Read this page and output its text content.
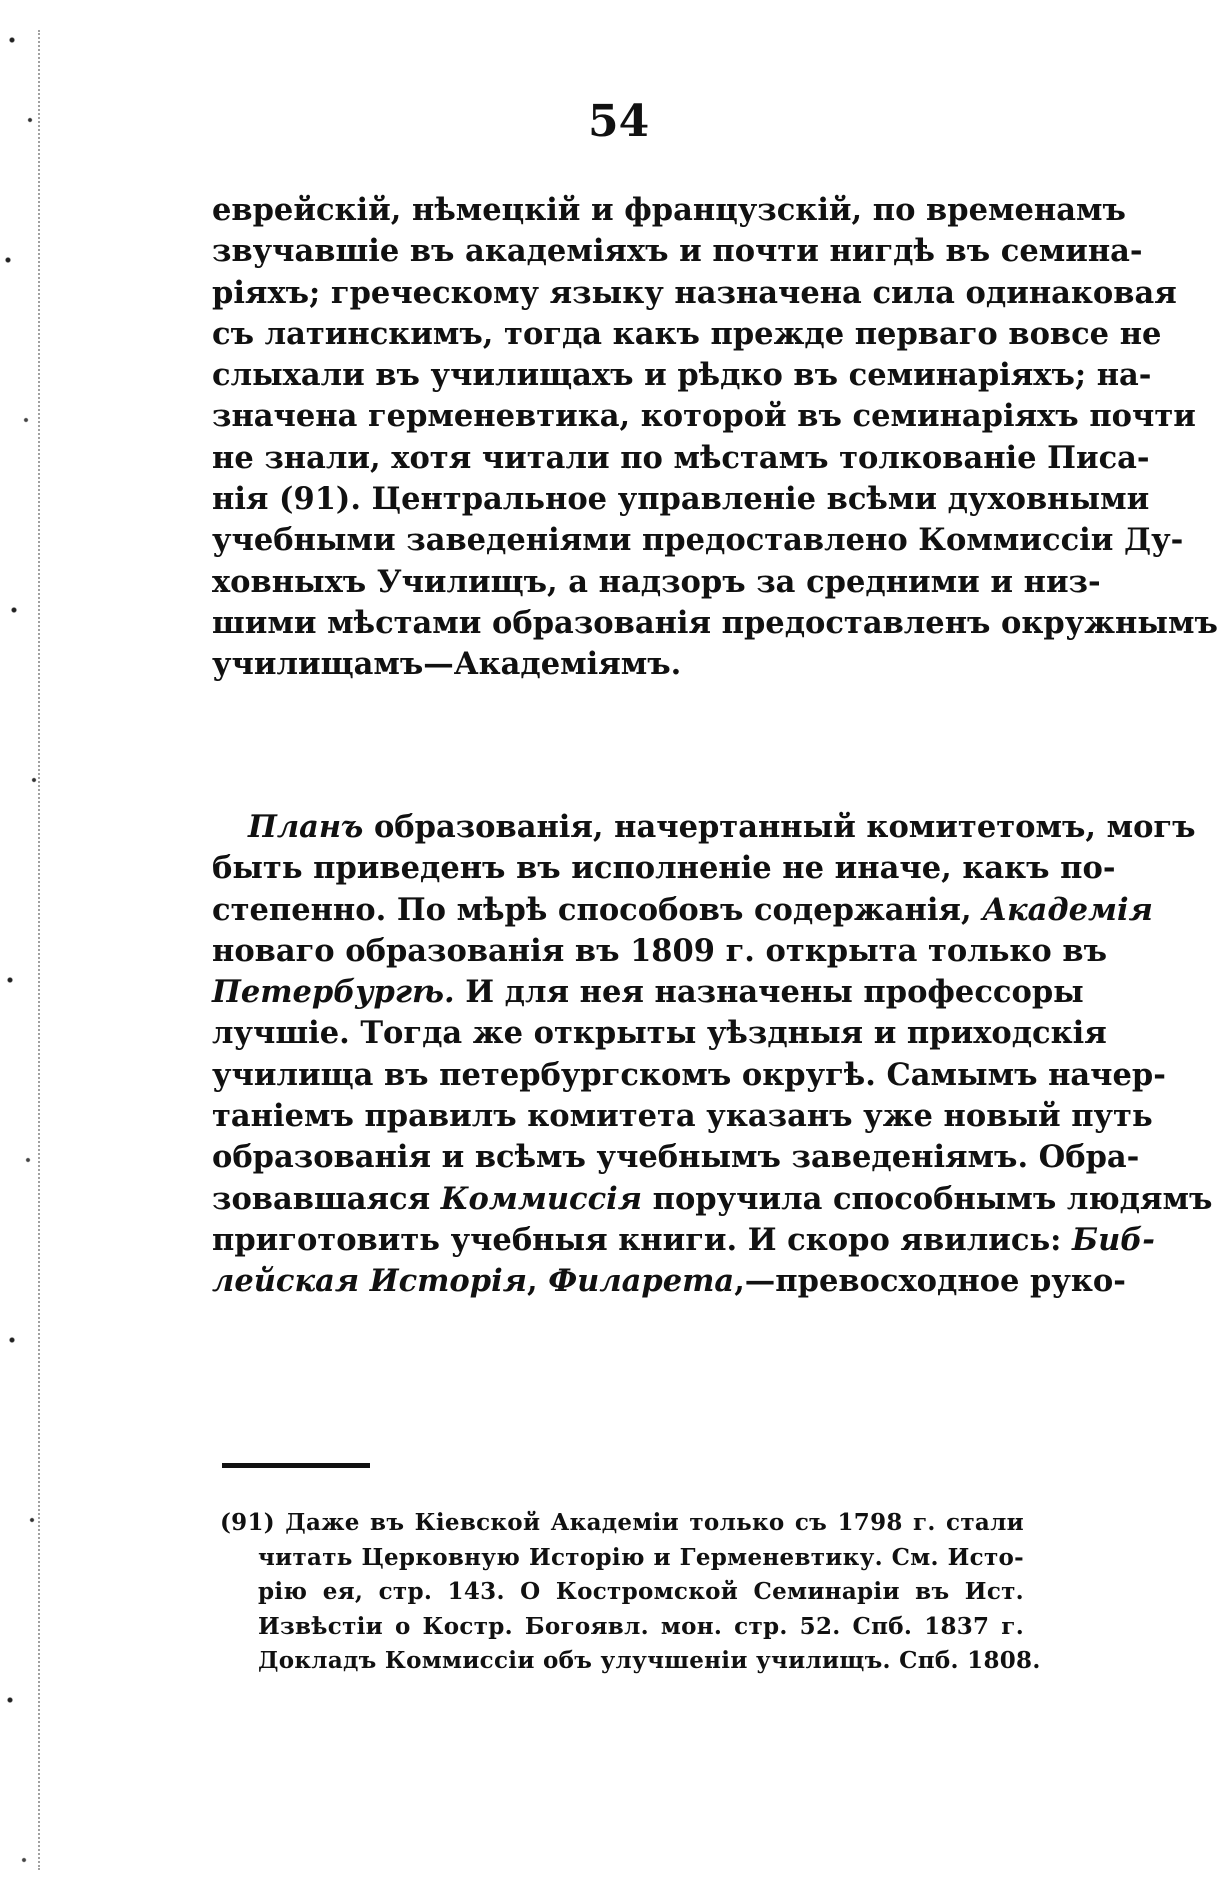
54
еврейскій, нѣмецкій и французскій, по временамъ
звучавшіе въ академіяхъ и почти нигдѣ въ семина-
ріяхъ; греческому языку назначена сила одинаковая
съ латинскимъ, тогда какъ прежде перваго вовсе не
слыхали въ училищахъ и рѣдко въ семинаріяхъ; на-
значена герменевтика, которой въ семинаріяхъ почти
не знали, хотя читали по мѣстамъ толкованіе Писа-
нія (91). Центральное управленіе всѣми духовными
учебными заведеніями предоставлено Коммиссіи Ду-
ховныхъ Училищъ, а надзоръ за средними и низ-
шими мѣстами образованія предоставленъ окружнымъ
училищамъ—Академіямъ.
Планъ образованія, начертанный комитетомъ, могъ
быть приведенъ въ исполненіе не иначе, какъ по-
степенно. По мѣрѣ способовъ содержанія, Академія
новаго образованія въ 1809 г. открыта только въ
Петербургѣ. И для нея назначены профессоры
лучшіе. Тогда же открыты уѣздныя и приходскія
училища въ петербургскомъ округѣ. Самымъ начер-
таніемъ правилъ комитета указанъ уже новый путь
образованія и всѣмъ учебнымъ заведеніямъ. Обра-
зовавшаяся Коммиссія поручила способнымъ людямъ
приготовить учебныя книги. И скоро явились: Биб-
лейская Исторія, Филарета,—превосходное руко-
(91) Даже въ Кіевской Академіи только съ 1798 г. стали
читать Церковную Исторію и Герменевтику. См. Исто-
рію ея, стр. 143. О Костромской Семинаріи въ Ист.
Извѣстіи о Костр. Богоявл. мон. стр. 52. Спб. 1837 г.
Докладъ Коммиссіи объ улучшеніи училищъ. Спб. 1808.
